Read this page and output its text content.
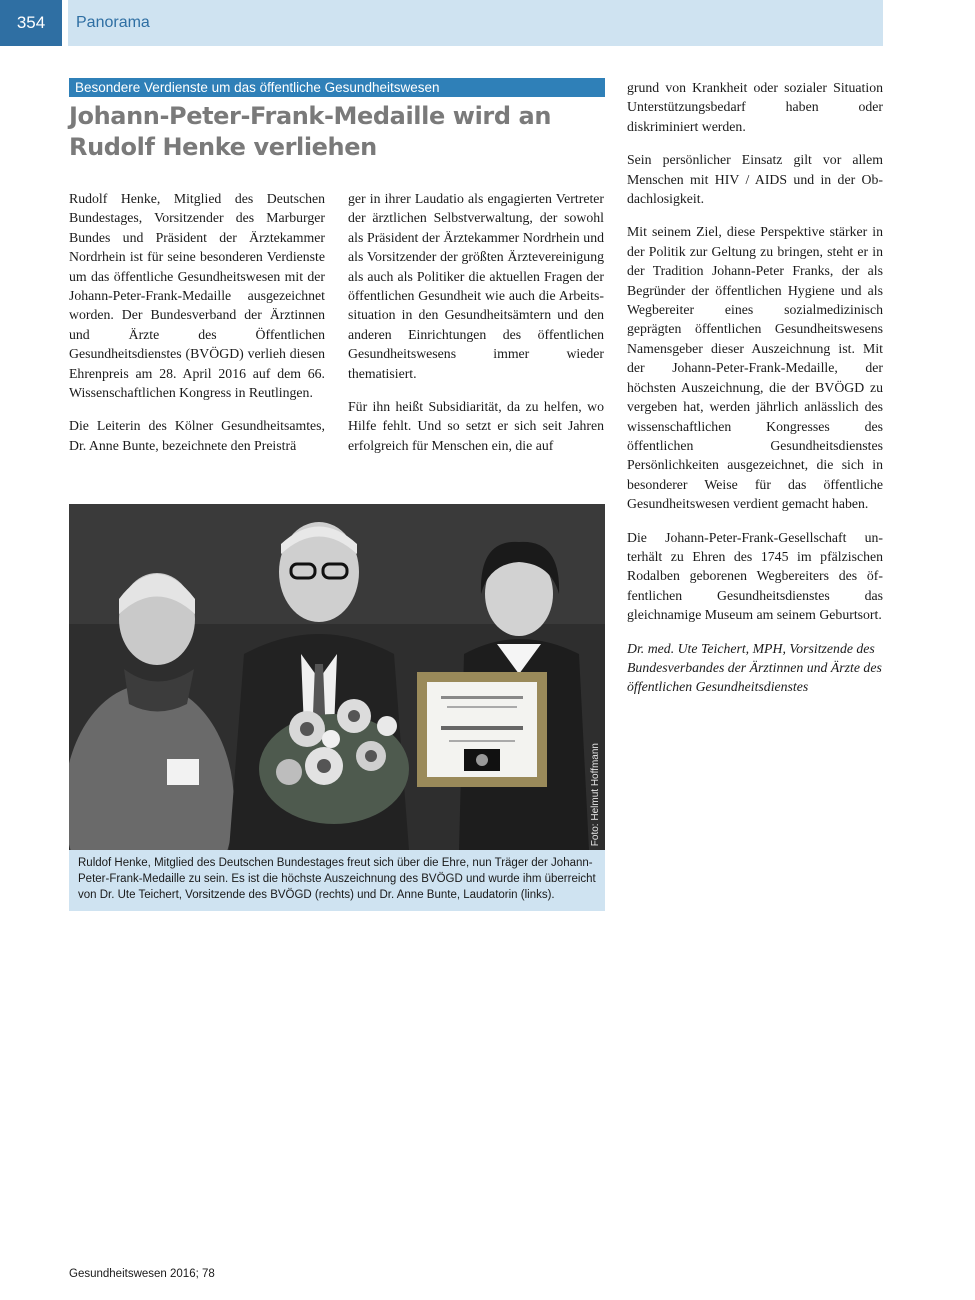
354	Panorama
Besondere Verdienste um das öffentliche Gesundheitswesen
Johann-Peter-Frank-Medaille wird an Rudolf Henke verliehen

Rudolf Henke, Mitglied des Deutschen Bundestages, Vorsitzender des Marburger Bundes und Präsident der Ärztekammer Nordrhein ist für seine besonderen Verdienste um das öffentliche Gesundheitswesen mit der Johann-Peter-Frank-Medaille ausgezeichnet worden. Der Bundesverband der Ärztinnen und Ärzte des Öffentlichen Gesundheitsdienstes (BVÖGD) verlieh diesen Ehrenpreis am 28. April 2016 auf dem 66. Wissenschaftlichen Kongress in Reutlingen.

Die Leiterin des Kölner Gesundheitsamtes, Dr. Anne Bunte, bezeichnete den Preisträ

ger in ihrer Laudatio als engagierten Vertreter der ärztlichen Selbstverwaltung, der sowohl als Präsident der Ärztekammer Nordrhein und als Vorsitzender der größten Ärztevereinigung als auch als Politiker die aktuellen Fragen der öffentlichen Gesundheit wie auch die Arbeitssituation in den Gesundheitsämtern und den anderen Einrichtungen des öffentlichen Gesundheitswesens immer wieder thematisiert.

Für ihn heißt Subsidiarität, da zu helfen, wo Hilfe fehlt. Und so setzt er sich seit Jahren erfolgreich für Menschen ein, die auf

grund von Krankheit oder sozialer Situation Unterstützungsbedarf haben oder diskriminiert werden.

Sein persönlicher Einsatz gilt vor allem Menschen mit HIV / AIDS und in der Obdachlosigkeit.

Mit seinem Ziel, diese Perspektive stärker in der Politik zur Geltung zu bringen, steht er in der Tradition Johann-Peter Franks, der als Begründer der öffentlichen Hygiene und als Wegbereiter eines sozialmedizinisch geprägten öffentlichen Gesundheitswesens Namensgeber dieser Auszeichnung ist. Mit der Johann-Peter-Frank-Medaille, der höchsten Auszeichnung, die der BVÖGD zu vergeben hat, werden jährlich anlässlich des wissenschaftlichen Kongresses des öffentlichen Gesundheitsdienstes Persönlichkeiten ausgezeichnet, die sich in besonderer Weise für das öffentliche Gesundheitswesen verdient gemacht haben.

Die Johann-Peter-Frank-Gesellschaft unterhält zu Ehren des 1745 im pfälzischen Rodalben geborenen Wegbereiters des öffentlichen Gesundheitsdienstes das gleichnamige Museum am seinem Geburtsort.

Dr. med. Ute Teichert, MPH, Vorsitzende des Bundesverbandes der Ärztinnen und Ärzte des öffentlichen Gesundheitsdienstes

Foto: Helmut Hoffmann
Ruldof Henke, Mitglied des Deutschen Bundestages freut sich über die Ehre, nun Träger der Johann-Peter-Frank-Medaille zu sein. Es ist die höchste Auszeichnung des BVÖGD und wurde ihm überreicht von Dr. Ute Teichert, Vorsitzende des BVÖGD (rechts) und Dr. Anne Bunte, Laudatorin (links).
Gesundheitswesen 2016; 78
